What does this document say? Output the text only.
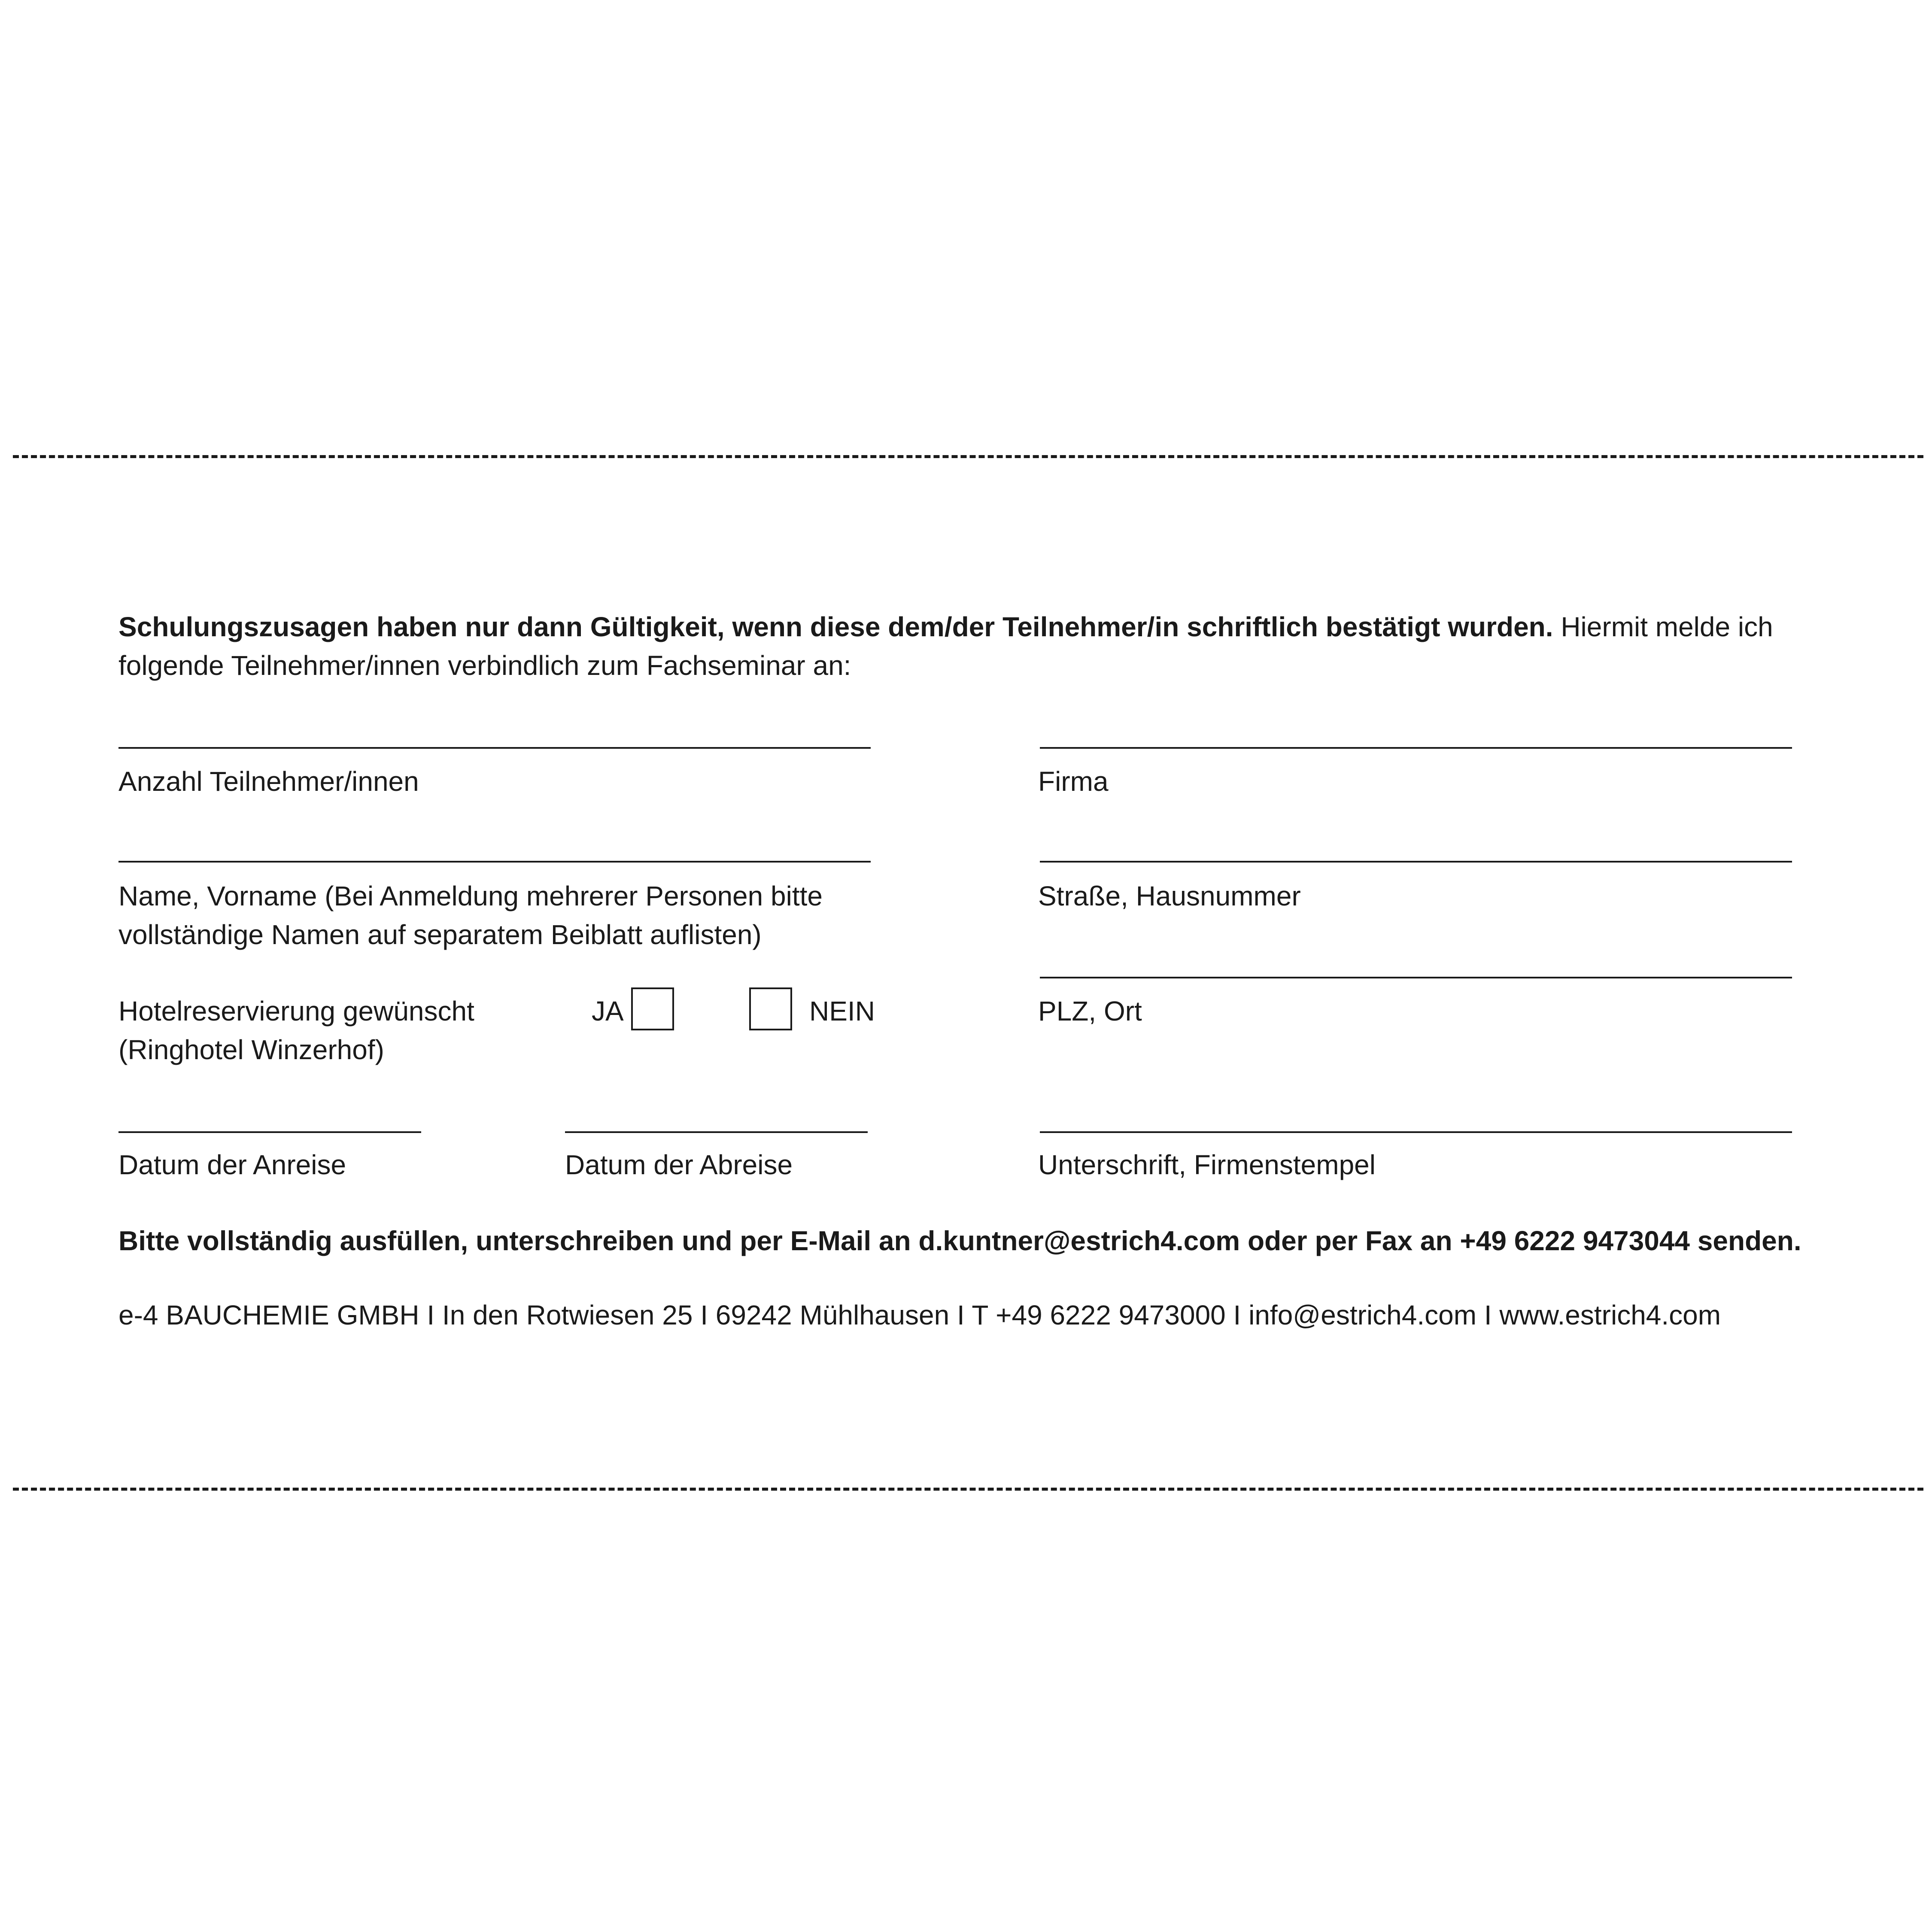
Schulungszusagen haben nur dann Gültigkeit, wenn diese dem/der Teilnehmer/in schriftlich bestätigt wurden. Hiermit melde ich folgende Teilnehmer/innen verbindlich zum Fachseminar an:
Anzahl Teilnehmer/innen
Name, Vorname (Bei Anmeldung mehrerer Personen bitte
vollständige Namen auf separatem Beiblatt auflisten)
Hotelreservierung gewünscht
(Ringhotel Winzerhof)
JA	NEIN
Datum der Anreise	Datum der Abreise
Firma
Straße, Hausnummer
PLZ, Ort
Unterschrift, Firmenstempel
Bitte vollständig ausfüllen, unterschreiben und per E-Mail an d.kuntner@estrich4.com oder per Fax an +49 6222 9473044 senden.
e-4 BAUCHEMIE GMBH I In den Rotwiesen 25 I 69242 Mühlhausen I T +49 6222 9473000 I info@estrich4.com I www.estrich4.com
